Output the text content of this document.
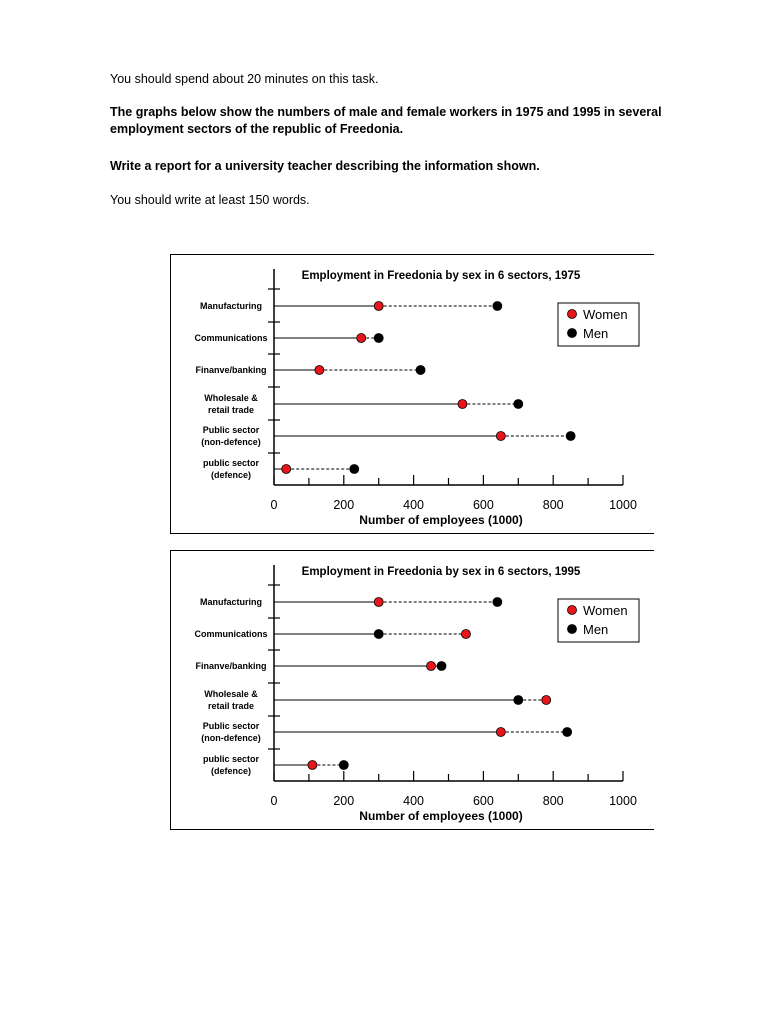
You should spend about 20 minutes on this task.

The graphs below show the numbers of male and female workers in 1975 and 1995 in several employment sectors of the republic of Freedonia.

Write a report for a university teacher describing the information shown.

You should write at least 150 words.

Employment in Freedonia by sex in 6 sectors, 1975
0	200	400	600	800	1000
Number of employees (1000)
Manufacturing
Communications
Finanve/banking
Wholesale &
retail trade
Public sector
(non-defence)
public sector
(defence)
Women
Men
Employment in Freedonia by sex in 6 sectors, 1995
0	200	400	600	800	1000
Number of employees (1000)
Manufacturing
Communications
Finanve/banking
Wholesale &
retail trade
Public sector
(non-defence)
public sector
(defence)
Women
Men
